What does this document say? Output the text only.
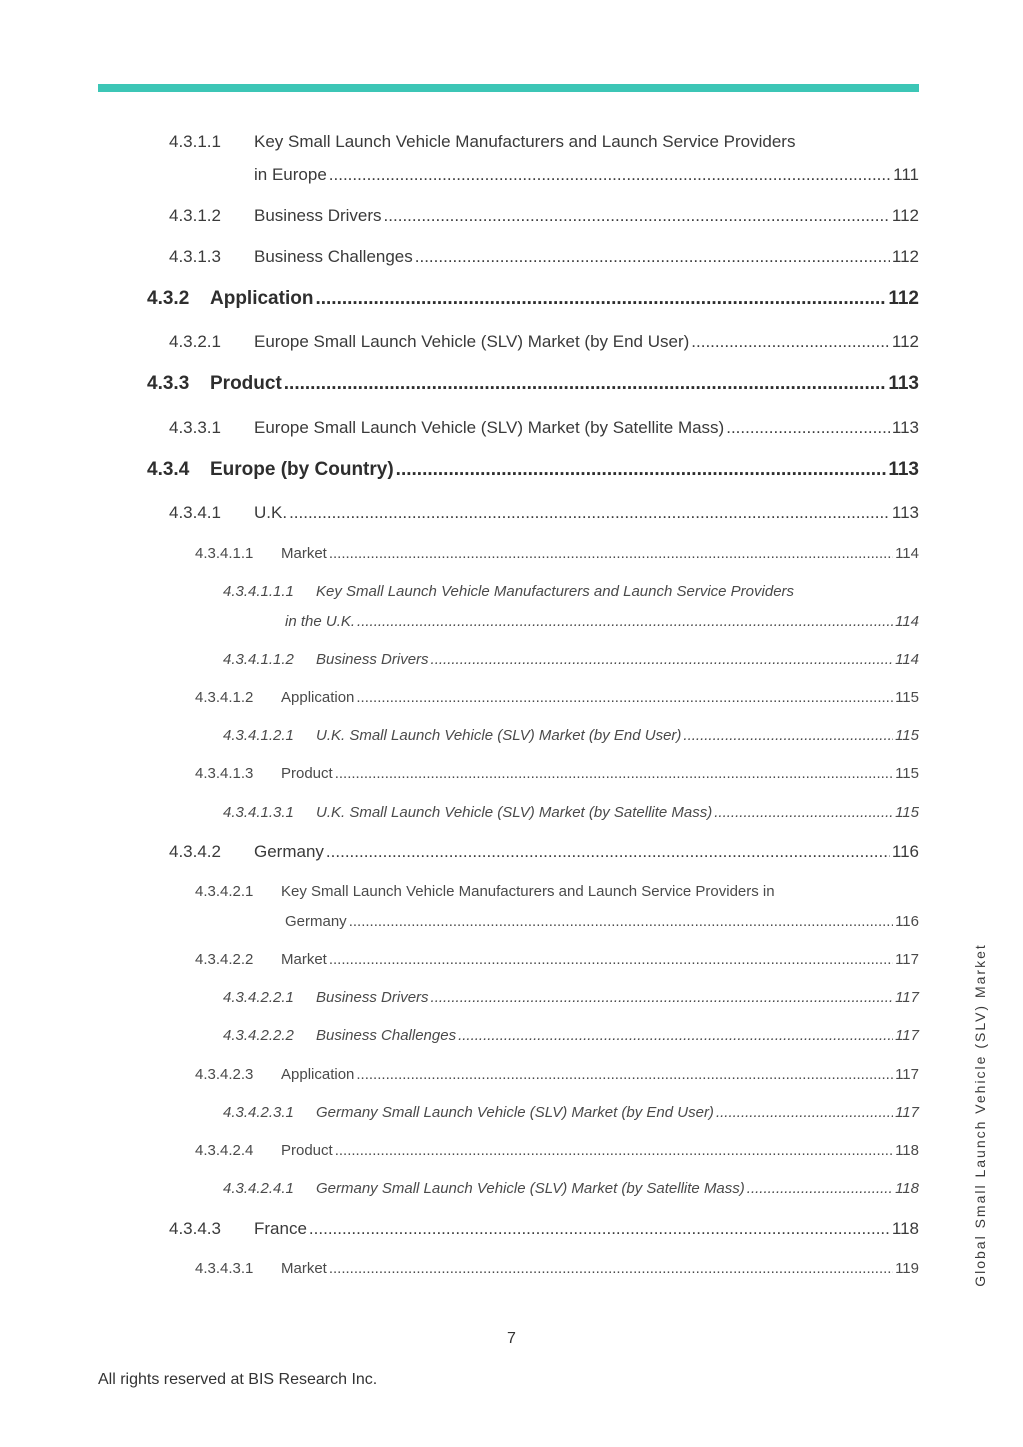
4.3.1.1 Key Small Launch Vehicle Manufacturers and Launch Service Providers
in Europe .....	111
4.3.1.2	Business Drivers .....	112
4.3.1.3	Business Challenges .....	112
4.3.2	Application .....	112
4.3.2.1	Europe Small Launch Vehicle (SLV) Market (by End User) .....	112
4.3.3	Product .....	113
4.3.3.1	Europe Small Launch Vehicle (SLV) Market (by Satellite Mass) .....	113
4.3.4	Europe (by Country) .....	113
4.3.4.1	U.K. .....	113
4.3.4.1.1	Market .....	114
4.3.4.1.1.1 Key Small Launch Vehicle Manufacturers and Launch Service Providers
in the U.K. .....	114
4.3.4.1.1.2	Business Drivers .....	114
4.3.4.1.2	Application .....	115
4.3.4.1.2.1	U.K. Small Launch Vehicle (SLV) Market (by End User) .....	115
4.3.4.1.3	Product .....	115
4.3.4.1.3.1	U.K. Small Launch Vehicle (SLV) Market (by Satellite Mass) .....	115
4.3.4.2	Germany .....	116
4.3.4.2.1 Key Small Launch Vehicle Manufacturers and Launch Service Providers in
Germany .....	116
4.3.4.2.2	Market .....	117
4.3.4.2.2.1	Business Drivers .....	117
4.3.4.2.2.2	Business Challenges .....	117
4.3.4.2.3	Application .....	117
4.3.4.2.3.1	Germany Small Launch Vehicle (SLV) Market (by End User) .....	117
4.3.4.2.4	Product .....	118
4.3.4.2.4.1	Germany Small Launch Vehicle (SLV) Market (by Satellite Mass) .....	118
4.3.4.3	France .....	118
4.3.4.3.1	Market .....	119	Global Small Launch Vehicle (SLV) Market
7
All rights reserved at BIS Research Inc.
